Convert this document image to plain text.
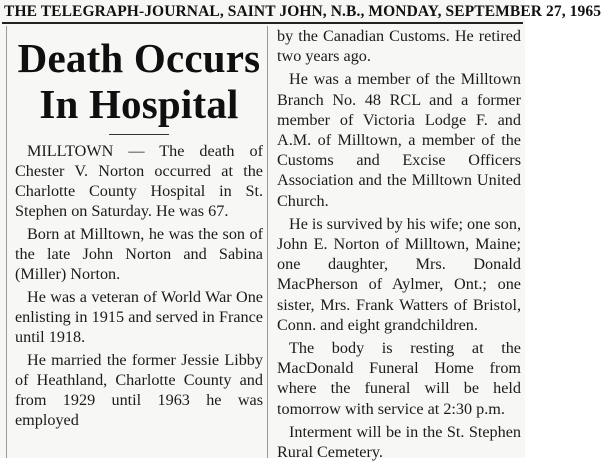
THE TELEGRAPH-JOURNAL, SAINT JOHN, N.B., MONDAY, SEPTEMBER 27, 1965
Death Occurs
In Hospital

MILLTOWN — The death of Chester V. Norton occurred at the Charlotte County Hospital in St. Stephen on Saturday. He was 67.

Born at Milltown, he was the son of the late John Norton and Sabina (Miller) Norton.

He was a veteran of World War One enlisting in 1915 and served in France until 1918.

He married the former Jessie Libby of Heathland, Charlotte County and from 1929 until 1963 he was employed

by the Canadian Customs. He retired two years ago.

He was a member of the Milltown Branch No. 48 RCL and a former member of Victoria Lodge F. and A.M. of Milltown, a member of the Customs and Excise Officers Association and the Milltown United Church.

He is survived by his wife; one son, John E. Norton of Milltown, Maine; one daughter, Mrs. Donald MacPherson of Aylmer, Ont.; one sister, Mrs. Frank Watters of Bristol, Conn. and eight grandchildren.

The body is resting at the MacDonald Funeral Home from where the funeral will be held tomorrow with service at 2:30 p.m.

Interment will be in the St. Stephen Rural Cemetery.
